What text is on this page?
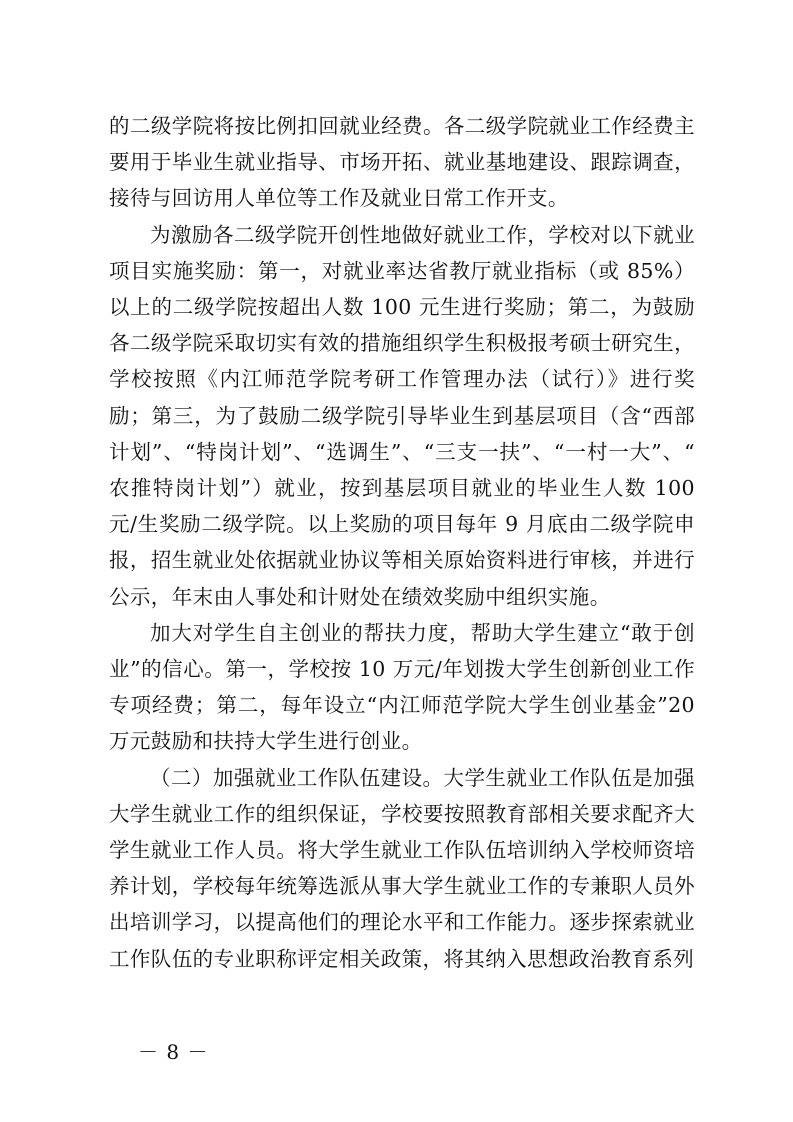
的二级学院将按比例扣回就业经费。各二级学院就业工作经费主要用于毕业生就业指导、市场开拓、就业基地建设、跟踪调查，接待与回访用人单位等工作及就业日常工作开支。

为激励各二级学院开创性地做好就业工作，学校对以下就业项目实施奖励：第一，对就业率达省教厅就业指标（或 85%）以上的二级学院按超出人数 100 元生进行奖励；第二，为鼓励各二级学院采取切实有效的措施组织学生积极报考硕士研究生，学校按照《内江师范学院考研工作管理办法（试行）》进行奖励；第三，为了鼓励二级学院引导毕业生到基层项目（含“西部计划”、“特岗计划”、“选调生”、“三支一扶”、“一村一大”、“ 农推特岗计划”）就业，按到基层项目就业的毕业生人数 100 元/生奖励二级学院。以上奖励的项目每年 9 月底由二级学院申报，招生就业处依据就业协议等相关原始资料进行审核，并进行公示，年末由人事处和计财处在绩效奖励中组织实施。

加大对学生自主创业的帮扶力度，帮助大学生建立“敢于创业”的信心。第一，学校按 10 万元/年划拨大学生创新创业工作专项经费；第二，每年设立“内江师范学院大学生创业基金”20 万元鼓励和扶持大学生进行创业。

（二）加强就业工作队伍建设。大学生就业工作队伍是加强大学生就业工作的组织保证，学校要按照教育部相关要求配齐大学生就业工作人员。将大学生就业工作队伍培训纳入学校师资培养计划，学校每年统筹选派从事大学生就业工作的专兼职人员外出培训学习，以提高他们的理论水平和工作能力。逐步探索就业工作队伍的专业职称评定相关政策，将其纳入思想政治教育系列

－ 8 －
